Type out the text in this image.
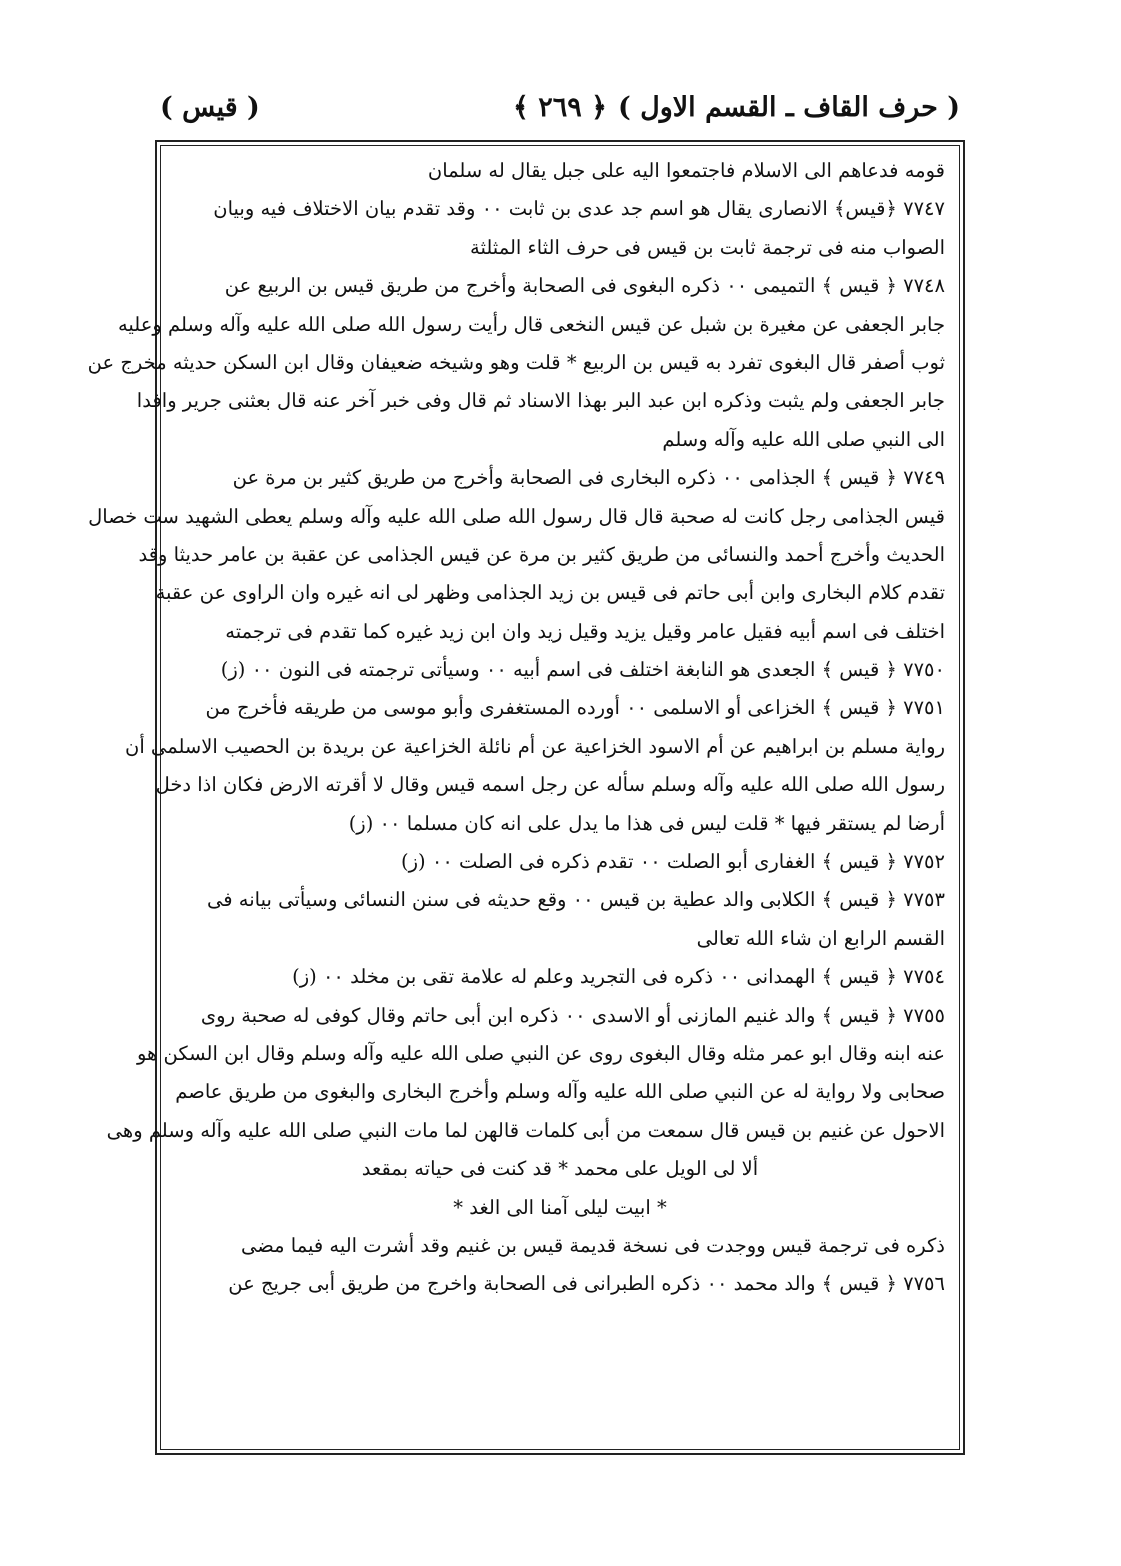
( حرف القاف ـ القسم الاول )
﴿ ٢٦٩ ﴾
( قيس )
قومه فدعاهم الى الاسلام فاجتمعوا اليه على جبل يقال له سلمان
٧٧٤٧ ﴿قيس﴾ الانصارى يقال هو اسم جد عدى بن ثابت ٠٠ وقد تقدم بيان الاختلاف فيه وبيان
الصواب منه فى ترجمة ثابت بن قيس فى حرف الثاء المثلثة
٧٧٤٨ ﴿ قيس ﴾ التميمى ٠٠ ذكره البغوى فى الصحابة وأخرج من طريق قيس بن الربيع عن
جابر الجعفى عن مغيرة بن شبل عن قيس النخعى قال رأيت رسول الله صلى الله عليه وآله وسلم وعليه
ثوب أصفر قال البغوى تفرد به قيس بن الربيع * قلت وهو وشيخه ضعيفان وقال ابن السكن حديثه مخرج عن
جابر الجعفى ولم يثبت وذكره ابن عبد البر بهذا الاسناد ثم قال وفى خبر آخر عنه قال بعثنى جرير وافدا
الى النبي صلى الله عليه وآله وسلم
٧٧٤٩ ﴿ قيس ﴾ الجذامى ٠٠ ذكره البخارى فى الصحابة وأخرج من طريق كثير بن مرة عن
قيس الجذامى رجل كانت له صحبة قال قال رسول الله صلى الله عليه وآله وسلم يعطى الشهيد ست خصال
الحديث وأخرج أحمد والنسائى من طريق كثير بن مرة عن قيس الجذامى عن عقبة بن عامر حديثا وقد
تقدم كلام البخارى وابن أبى حاتم فى قيس بن زيد الجذامى وظهر لى انه غيره وان الراوى عن عقبة
اختلف فى اسم أبيه فقيل عامر وقيل يزيد وقيل زيد وان ابن زيد غيره كما تقدم فى ترجمته
٧٧٥٠ ﴿ قيس ﴾ الجعدى هو النابغة اختلف فى اسم أبيه ٠٠ وسيأتى ترجمته فى النون ٠٠ (ز)
٧٧٥١ ﴿ قيس ﴾ الخزاعى أو الاسلمى ٠٠ أورده المستغفرى وأبو موسى من طريقه فأخرج من
رواية مسلم بن ابراهيم عن أم الاسود الخزاعية عن أم نائلة الخزاعية عن بريدة بن الحصيب الاسلمى أن
رسول الله صلى الله عليه وآله وسلم سأله عن رجل اسمه قيس وقال لا أقرته الارض فكان اذا دخل
أرضا لم يستقر فيها * قلت ليس فى هذا ما يدل على انه كان مسلما ٠٠ (ز)
٧٧٥٢ ﴿ قيس ﴾ الغفارى أبو الصلت ٠٠ تقدم ذكره فى الصلت ٠٠ (ز)
٧٧٥٣ ﴿ قيس ﴾ الكلابى والد عطية بن قيس ٠٠ وقع حديثه فى سنن النسائى وسيأتى بيانه فى
القسم الرابع ان شاء الله تعالى
٧٧٥٤ ﴿ قيس ﴾ الهمدانى ٠٠ ذكره فى التجريد وعلم له علامة تقى بن مخلد ٠٠ (ز)
٧٧٥٥ ﴿ قيس ﴾ والد غنيم المازنى أو الاسدى ٠٠ ذكره ابن أبى حاتم وقال كوفى له صحبة روى
عنه ابنه وقال ابو عمر مثله وقال البغوى روى عن النبي صلى الله عليه وآله وسلم وقال ابن السكن هو
صحابى ولا رواية له عن النبي صلى الله عليه وآله وسلم وأخرج البخارى والبغوى من طريق عاصم
الاحول عن غنيم بن قيس قال سمعت من أبى كلمات قالهن لما مات النبي صلى الله عليه وآله وسلم وهى
ألا لى الويل على محمد * قد كنت فى حياته بمقعد
* ابيت ليلى آمنا الى الغد *
ذكره فى ترجمة قيس ووجدت فى نسخة قديمة قيس بن غنيم وقد أشرت اليه فيما مضى
٧٧٥٦ ﴿ قيس ﴾ والد محمد ٠٠ ذكره الطبرانى فى الصحابة واخرج من طريق أبى جريج عن
